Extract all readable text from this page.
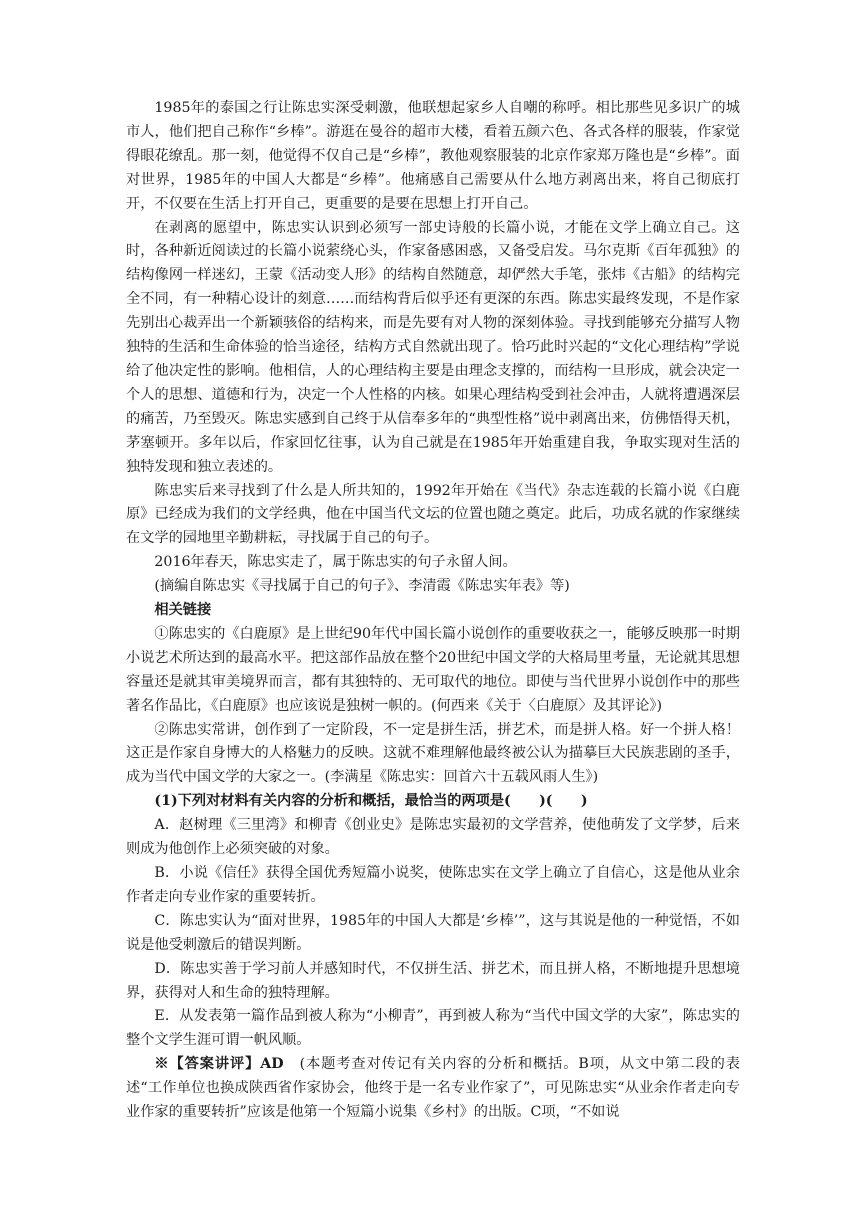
1985年的泰国之行让陈忠实深受刺激，他联想起家乡人自嘲的称呼。相比那些见多识广的城市人，他们把自己称作“乡棒”。游逛在曼谷的超市大楼，看着五颜六色、各式各样的服装，作家觉得眼花缭乱。那一刻，他觉得不仅自己是“乡棒”，教他观察服装的北京作家郑万隆也是“乡棒”。面对世界，1985年的中国人大都是“乡棒”。他痛感自己需要从什么地方剥离出来，将自己彻底打开，不仅要在生活上打开自己，更重要的是要在思想上打开自己。

在剥离的愿望中，陈忠实认识到必须写一部史诗般的长篇小说，才能在文学上确立自己。这时，各种新近阅读过的长篇小说萦绕心头，作家备感困惑，又备受启发。马尔克斯《百年孤独》的结构像网一样迷幻，王蒙《活动变人形》的结构自然随意，却俨然大手笔，张炜《古船》的结构完全不同，有一种精心设计的刻意……而结构背后似乎还有更深的东西。陈忠实最终发现，不是作家先别出心裁弄出一个新颖骇俗的结构来，而是先要有对人物的深刻体验。寻找到能够充分描写人物独特的生活和生命体验的恰当途径，结构方式自然就出现了。恰巧此时兴起的“文化心理结构”学说给了他决定性的影响。他相信，人的心理结构主要是由理念支撑的，而结构一旦形成，就会决定一个人的思想、道德和行为，决定一个人性格的内核。如果心理结构受到社会冲击，人就将遭遇深层的痛苦，乃至毁灭。陈忠实感到自己终于从信奉多年的“典型性格”说中剥离出来，仿佛悟得天机，茅塞顿开。多年以后，作家回忆往事，认为自己就是在1985年开始重建自我，争取实现对生活的独特发现和独立表述的。

陈忠实后来寻找到了什么是人所共知的，1992年开始在《当代》杂志连载的长篇小说《白鹿原》已经成为我们的文学经典，他在中国当代文坛的位置也随之奠定。此后，功成名就的作家继续在文学的园地里辛勤耕耘，寻找属于自己的句子。

2016年春天，陈忠实走了，属于陈忠实的句子永留人间。

(摘编自陈忠实《寻找属于自己的句子》、李清霞《陈忠实年表》等)

相关链接

①陈忠实的《白鹿原》是上世纪90年代中国长篇小说创作的重要收获之一，能够反映那一时期小说艺术所达到的最高水平。把这部作品放在整个20世纪中国文学的大格局里考量，无论就其思想容量还是就其审美境界而言，都有其独特的、无可取代的地位。即使与当代世界小说创作中的那些著名作品比，《白鹿原》也应该说是独树一帜的。(何西来《关于〈白鹿原〉及其评论》)

②陈忠实常讲，创作到了一定阶段，不一定是拼生活，拼艺术，而是拼人格。好一个拼人格！这正是作家自身博大的人格魅力的反映。这就不难理解他最终被公认为描摹巨大民族悲剧的圣手，成为当代中国文学的大家之一。(李满星《陈忠实：回首六十五载风雨人生》)

(1)下列对材料有关内容的分析和概括，最恰当的两项是(　　)(　　)

A．赵树理《三里湾》和柳青《创业史》是陈忠实最初的文学营养，使他萌发了文学梦，后来则成为他创作上必须突破的对象。

B．小说《信任》获得全国优秀短篇小说奖，使陈忠实在文学上确立了自信心，这是他从业余作者走向专业作家的重要转折。

C．陈忠实认为“面对世界，1985年的中国人大都是‘乡棒’”，这与其说是他的一种觉悟，不如说是他受刺激后的错误判断。

D．陈忠实善于学习前人并感知时代，不仅拼生活、拼艺术，而且拼人格，不断地提升思想境界，获得对人和生命的独特理解。

E．从发表第一篇作品到被人称为“小柳青”，再到被人称为“当代中国文学的大家”，陈忠实的整个文学生涯可谓一帆风顺。

※【答案讲评】AD　(本题考查对传记有关内容的分析和概括。B项，从文中第二段的表述“工作单位也换成陕西省作家协会，他终于是一名专业作家了”，可见陈忠实“从业余作者走向专业作家的重要转折”应该是他第一个短篇小说集《乡村》的出版。C项，“不如说
